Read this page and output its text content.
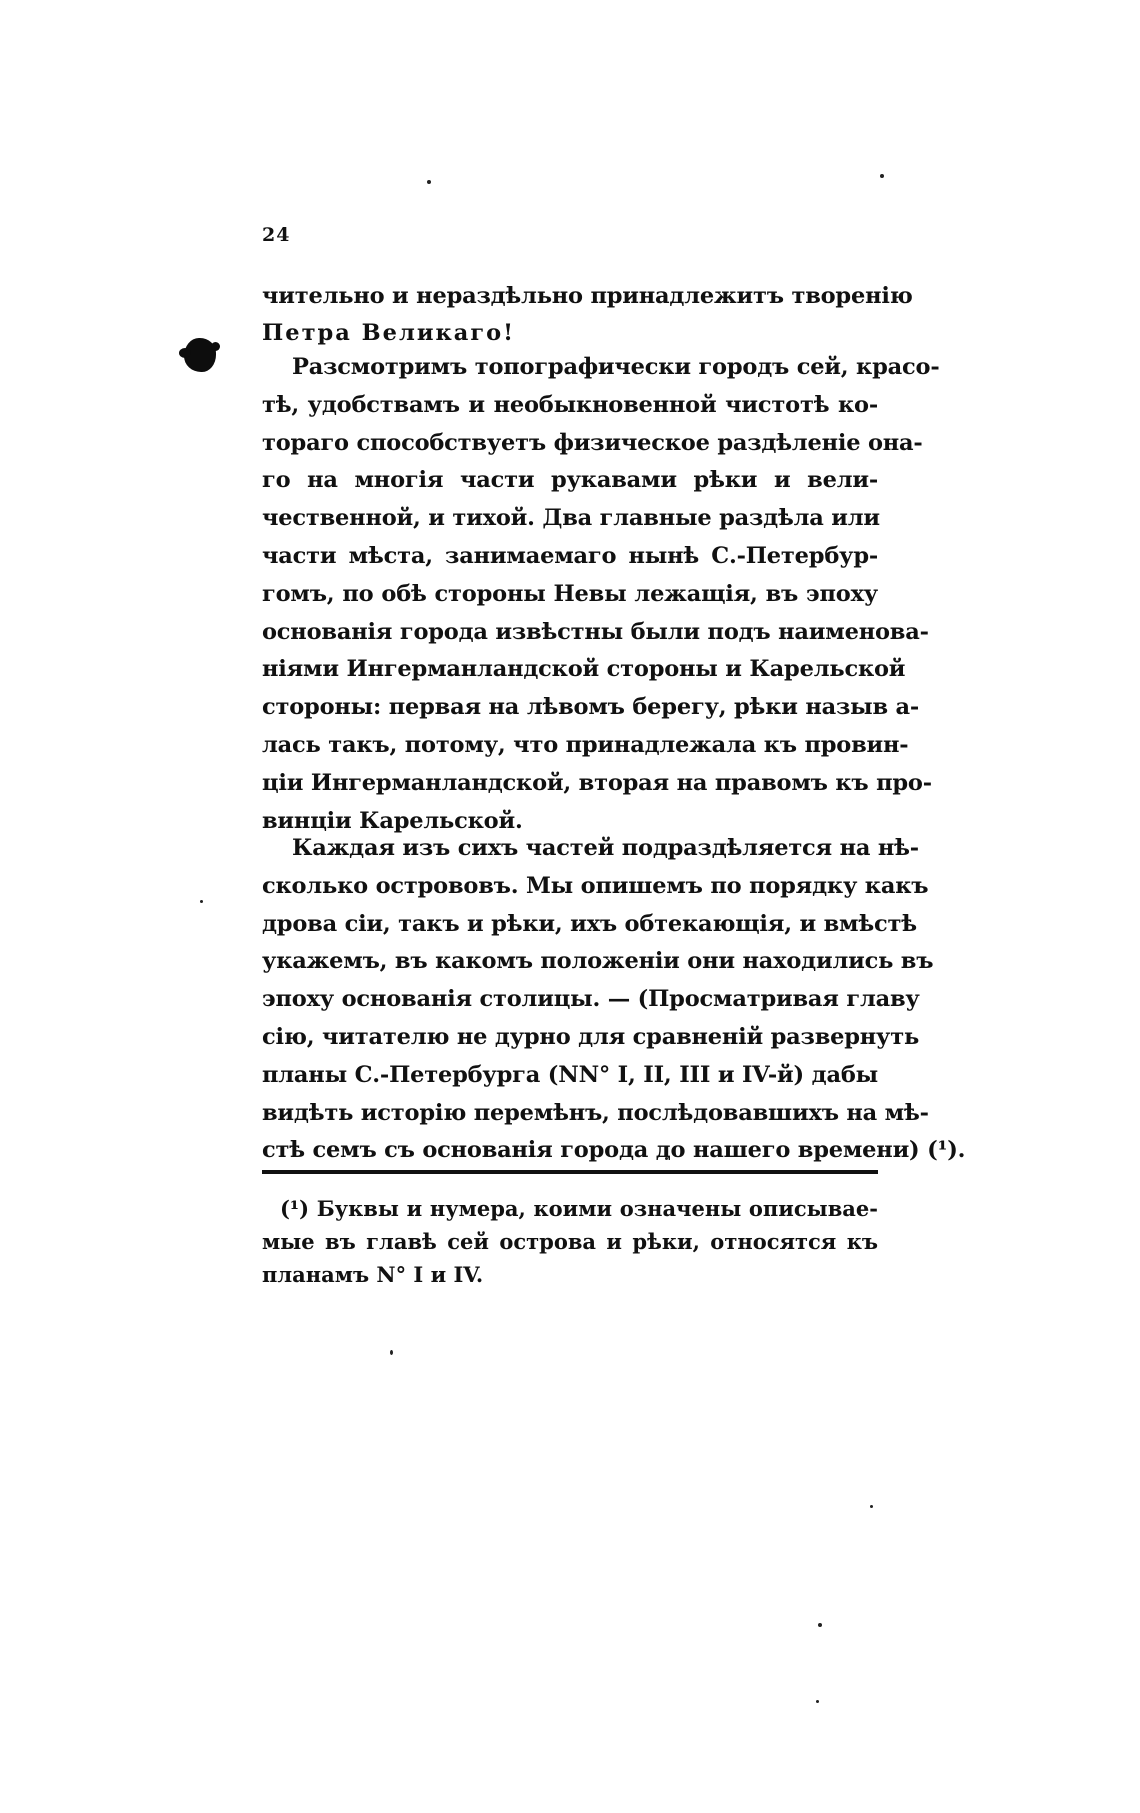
24
чительно и нераздѣльно принадлежитъ творенію
Петра Великаго!
Разсмотримъ топографически городъ сей, красо-
тѣ, удобствамъ и необыкновенной чистотѣ ко-
тораго способствуетъ физическое раздѣленіе она-
го на многія части рукавами рѣки и вели-
чественной, и тихой. Два главные раздѣла или
части мѣста, занимаемаго нынѣ С.-Петербур-
гомъ, по обѣ стороны Невы лежащія, въ эпоху
основанія города извѣстны были подъ наименова-
ніями Ингерманландской стороны и Карельской
стороны: первая на лѣвомъ берегу, рѣки назыв а-
лась такъ, потому, что принадлежала къ провин-
ціи Ингерманландской, вторая на правомъ къ про-
винціи Карельской.
Каждая изъ сихъ частей подраздѣляется на нѣ-
сколько острововъ. Мы опишемъ по порядку какъ
дрова сіи, такъ и рѣки, ихъ обтекающія, и вмѣстѣ
укажемъ, въ какомъ положеніи они находились въ
эпоху основанія столицы. — (Просматривая главу
сію, читателю не дурно для сравненій развернуть
планы С.-Петербурга (NN° I, II, III и IV-й) дабы
видѣть исторію перемѣнъ, послѣдовавшихъ на мѣ-
стѣ семъ съ основанія города до нашего времени) (¹).
(¹) Буквы и нумера, коими означены описывае-
мые въ главѣ сей острова и рѣки, относятся къ
планамъ N° I и IV.
